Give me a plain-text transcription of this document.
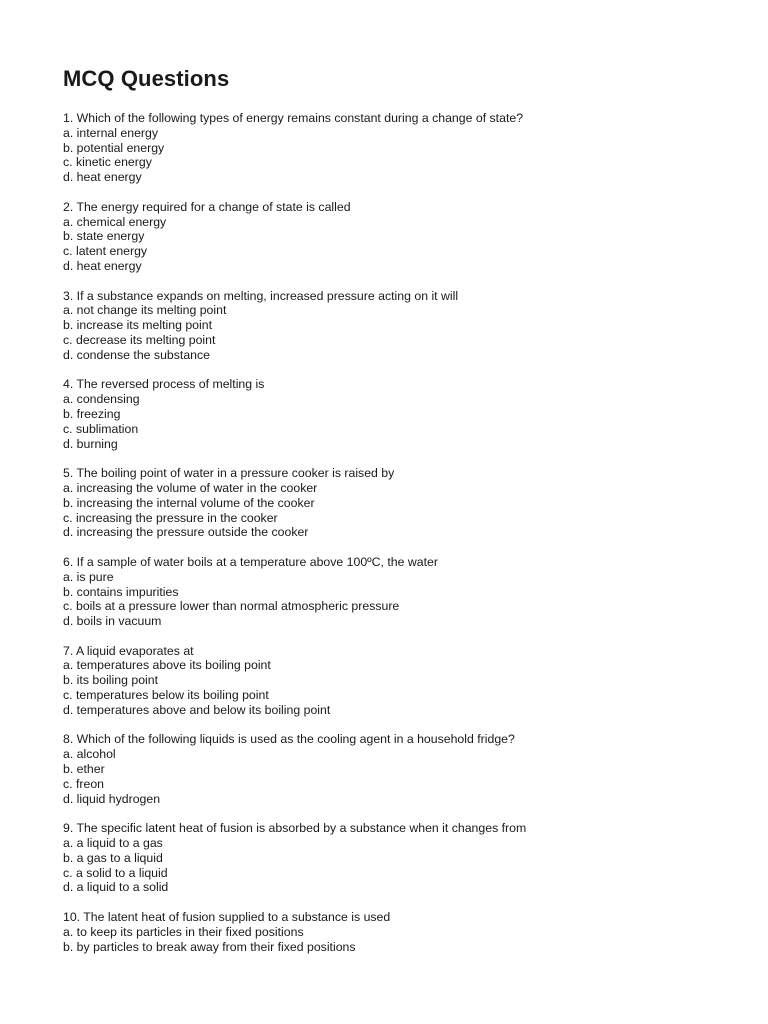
MCQ Questions
1. Which of the following types of energy remains constant during a change of state?
a. internal energy
b. potential energy
c. kinetic energy
d. heat energy
2. The energy required for a change of state is called
a. chemical energy
b. state energy
c. latent energy
d. heat energy
3. If a substance expands on melting, increased pressure acting on it will
a. not change its melting point
b. increase its melting point
c. decrease its melting point
d. condense the substance
4. The reversed process of melting is
a. condensing
b. freezing
c. sublimation
d. burning
5. The boiling point of water in a pressure cooker is raised by
a. increasing the volume of water in the cooker
b. increasing the internal volume of the cooker
c. increasing the pressure in the cooker
d. increasing the pressure outside the cooker
6. If a sample of water boils at a temperature above 100ºC, the water
a. is pure
b. contains impurities
c. boils at a pressure lower than normal atmospheric pressure
d. boils in vacuum
7. A liquid evaporates at
a. temperatures above its boiling point
b. its boiling point
c. temperatures below its boiling point
d. temperatures above and below its boiling point
8. Which of the following liquids is used as the cooling agent in a household fridge?
a. alcohol
b. ether
c. freon
d. liquid hydrogen
9. The specific latent heat of fusion is absorbed by a substance when it changes from
a. a liquid to a gas
b. a gas to a liquid
c. a solid to a liquid
d. a liquid to a solid
10. The latent heat of fusion supplied to a substance is used
a. to keep its particles in their fixed positions
b. by particles to break away from their fixed positions
